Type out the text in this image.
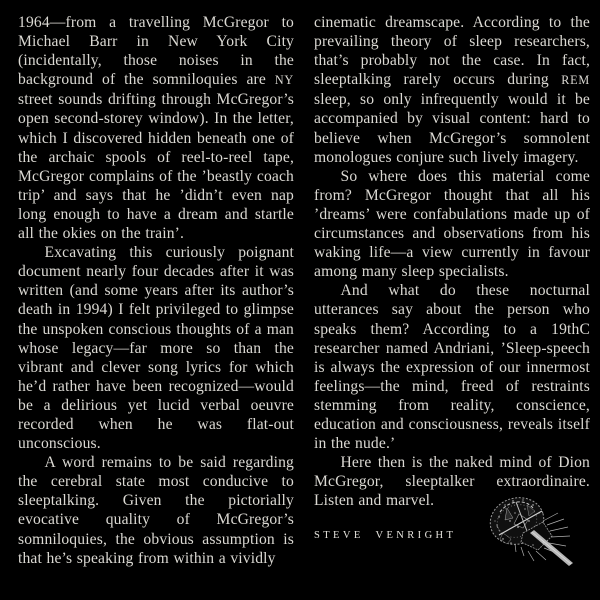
1964—from a travelling McGregor to Michael Barr in New York City (incidentally, those noises in the background of the somniloquies are NY street sounds drifting through McGregor’s open second-storey window). In the letter, which I discovered hidden beneath one of the archaic spools of reel-to-reel tape, McGregor complains of the ’beastly coach trip’ and says that he ’didn’t even nap long enough to have a dream and startle all the okies on the train’.

Excavating this curiously poignant document nearly four decades after it was written (and some years after its author’s death in 1994) I felt privileged to glimpse the unspoken conscious thoughts of a man whose legacy—far more so than the vibrant and clever song lyrics for which he’d rather have been recognized—would be a delirious yet lucid verbal oeuvre recorded when he was flat-out unconscious.

A word remains to be said regarding the cerebral state most conducive to sleeptalking. Given the pictorially evocative quality of McGregor’s somniloquies, the obvious assumption is that he’s speaking from within a vividly

cinematic dreamscape. According to the prevailing theory of sleep researchers, that’s probably not the case. In fact, sleeptalking rarely occurs during REM sleep, so only infrequently would it be accompanied by visual content: hard to believe when McGregor’s somnolent monologues conjure such lively imagery.

So where does this material come from? McGregor thought that all his ’dreams’ were confabulations made up of circumstances and observations from his waking life—a view currently in favour among many sleep specialists.

And what do these nocturnal utterances say about the person who speaks them? According to a 19thC researcher named Andriani, ’Sleep-speech is always the expression of our innermost feelings—the mind, freed of restraints stemming from reality, conscience, education and consciousness, reveals itself in the nude.’

Here then is the naked mind of Dion McGregor, sleeptalker extraordinaire. Listen and marvel.

STEVE VENRIGHT
